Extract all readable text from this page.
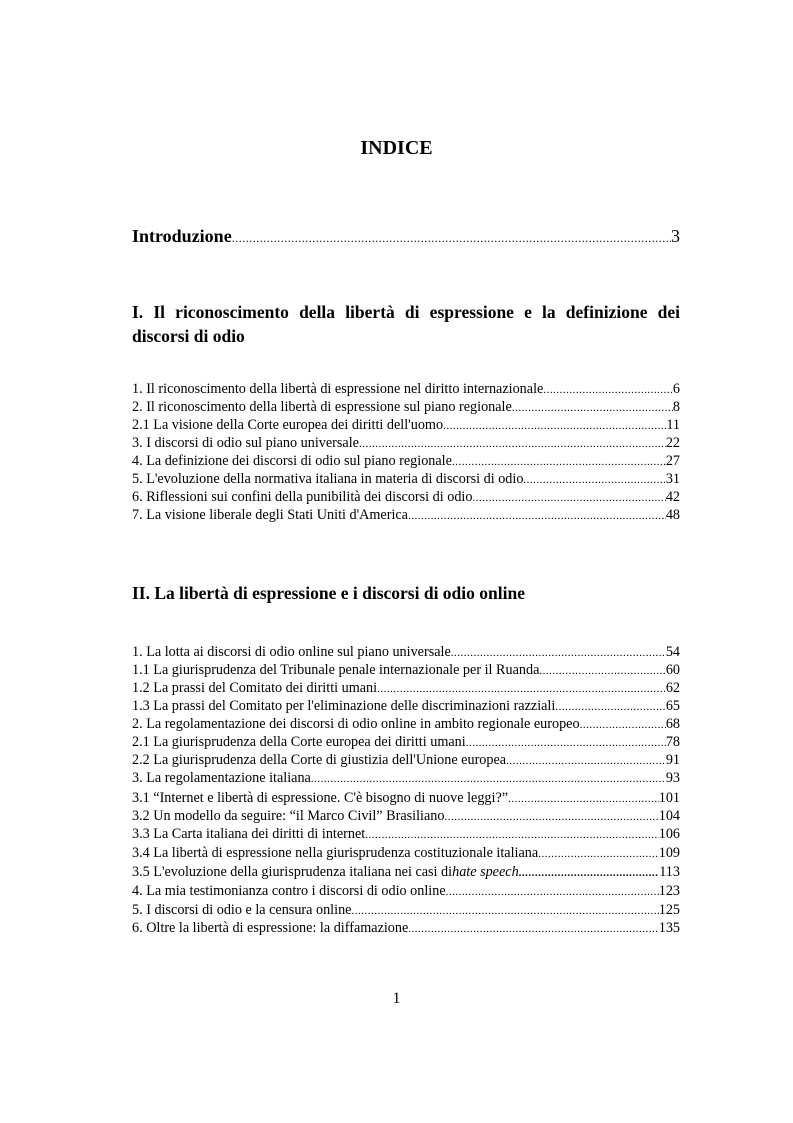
INDICE
Introduzione .....	3
I. Il riconoscimento della libertà di espressione e la definizione dei discorsi di odio
1. Il riconoscimento della libertà di espressione nel diritto internazionale .....	6
2. Il riconoscimento della libertà di espressione sul piano regionale .....	8
2.1 La visione della Corte europea dei diritti dell'uomo .....	11
3. I discorsi di odio sul piano universale .....	22
4. La definizione dei discorsi di odio sul piano regionale .....	27
5. L'evoluzione della normativa italiana in materia di discorsi di odio .....	31
6. Riflessioni sui confini della punibilità dei discorsi di odio .....	42
7. La visione liberale degli Stati Uniti d'America .....	48
II. La libertà di espressione e i discorsi di odio online
1. La lotta ai discorsi di odio online sul piano universale .....	54
1.1 La giurisprudenza del Tribunale penale internazionale per il Ruanda .....	60
1.2 La prassi del Comitato dei diritti umani .....	62
1.3 La prassi del Comitato per l'eliminazione delle discriminazioni razziali .....	65
2. La regolamentazione dei discorsi di odio online in ambito regionale europeo .....	68
2.1 La giurisprudenza della Corte europea dei diritti umani .....	78
2.2 La giurisprudenza della Corte di giustizia dell'Unione europea .....	91
3. La regolamentazione italiana .....	93
3.1 “Internet e libertà di espressione. C'è bisogno di nuove leggi?” .....	101
3.2 Un modello da seguire: “il Marco Civil” Brasiliano .....	104
3.3 La Carta italiana dei diritti di internet .....	106
3.4 La libertà di espressione nella giurisprudenza costituzionale italiana .....	109
3.5 L'evoluzione della giurisprudenza italiana nei casi di hate speech .....	113
4. La mia testimonianza contro i discorsi di odio online .....	123
5. I discorsi di odio e la censura online .....	125
6. Oltre la libertà di espressione: la diffamazione .....	135
1
